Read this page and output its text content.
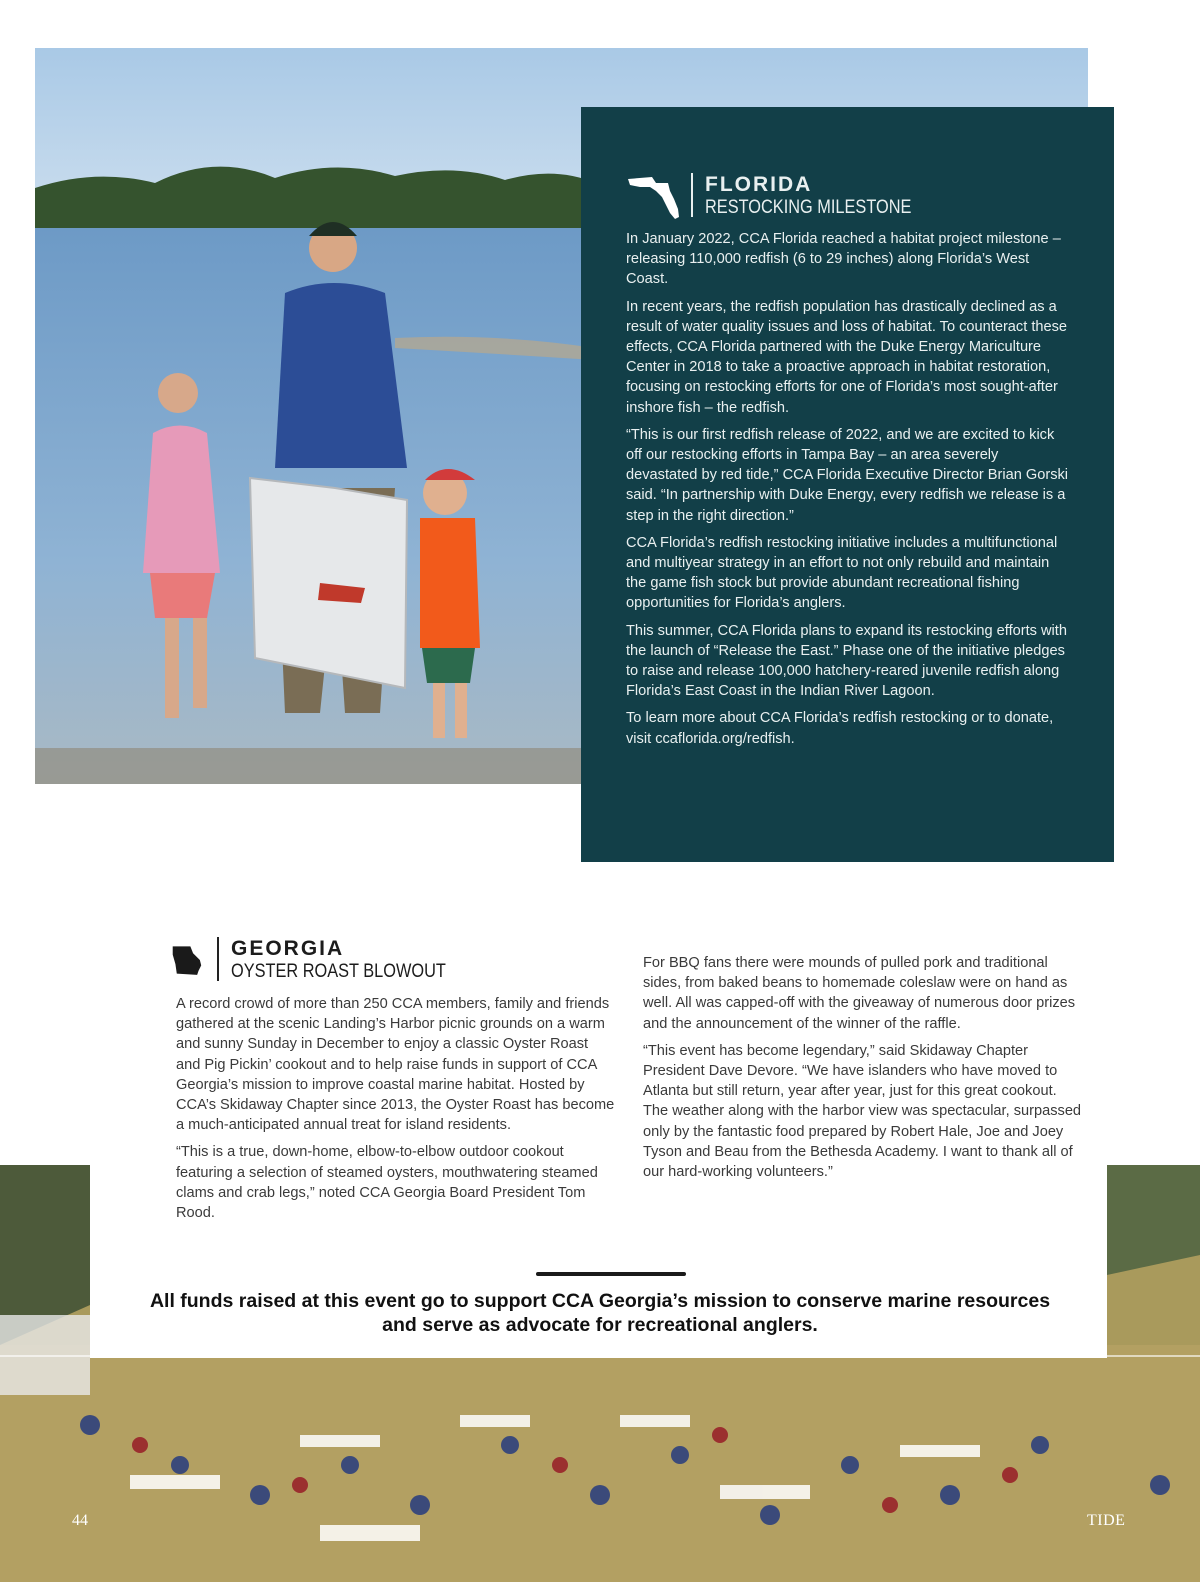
FLORIDA
RESTOCKING MILESTONE

In January 2022, CCA Florida reached a habitat project milestone – releasing 110,000 redfish (6 to 29 inches) along Florida’s West Coast.

In recent years, the redfish population has drastically declined as a result of water quality issues and loss of habitat. To counteract these effects, CCA Florida partnered with the Duke Energy Mariculture Center in 2018 to take a proactive approach in habitat restoration, focusing on restocking efforts for one of Florida’s most sought-after inshore fish – the redfish.

“This is our first redfish release of 2022, and we are excited to kick off our restocking efforts in Tampa Bay – an area severely devastated by red tide,” CCA Florida Executive Director Brian Gorski said. “In partnership with Duke Energy, every redfish we release is a step in the right direction.”

CCA Florida’s redfish restocking initiative includes a multifunctional and multiyear strategy in an effort to not only rebuild and maintain the game fish stock but provide abundant recreational fishing opportunities for Florida’s anglers.

This summer, CCA Florida plans to expand its restocking efforts with the launch of “Release the East.” Phase one of the initiative pledges to raise and release 100,000 hatchery-reared juvenile redfish along Florida’s East Coast in the Indian River Lagoon.

To learn more about CCA Florida’s redfish restocking or to donate, visit ccaflorida.org/redfish.

GEORGIA
OYSTER ROAST BLOWOUT

A record crowd of more than 250 CCA members, family and friends gathered at the scenic Landing’s Harbor picnic grounds on a warm and sunny Sunday in December to enjoy a classic Oyster Roast and Pig Pickin’ cookout and to help raise funds in support of CCA Georgia’s mission to improve coastal marine habitat. Hosted by CCA’s Skidaway Chapter since 2013, the Oyster Roast has become a much-anticipated annual treat for island residents.

“This is a true, down-home, elbow-to-elbow outdoor cookout featuring a selection of steamed oysters, mouthwatering steamed clams and crab legs,” noted CCA Georgia Board President Tom Rood.

For BBQ fans there were mounds of pulled pork and traditional sides, from baked beans to homemade coleslaw were on hand as well. All was capped-off with the giveaway of numerous door prizes and the announcement of the winner of the raffle.

“This event has become legendary,” said Skidaway Chapter President Dave Devore. “We have islanders who have moved to Atlanta but still return, year after year, just for this great cookout. The weather along with the harbor view was spectacular, surpassed only by the fantastic food prepared by Robert Hale, Joe and Joey Tyson and Beau from the Bethesda Academy. I want to thank all of our hard-working volunteers.”

All funds raised at this event go to support CCA Georgia’s mission to conserve marine resources and serve as advocate for recreational anglers.
44	TIDE
